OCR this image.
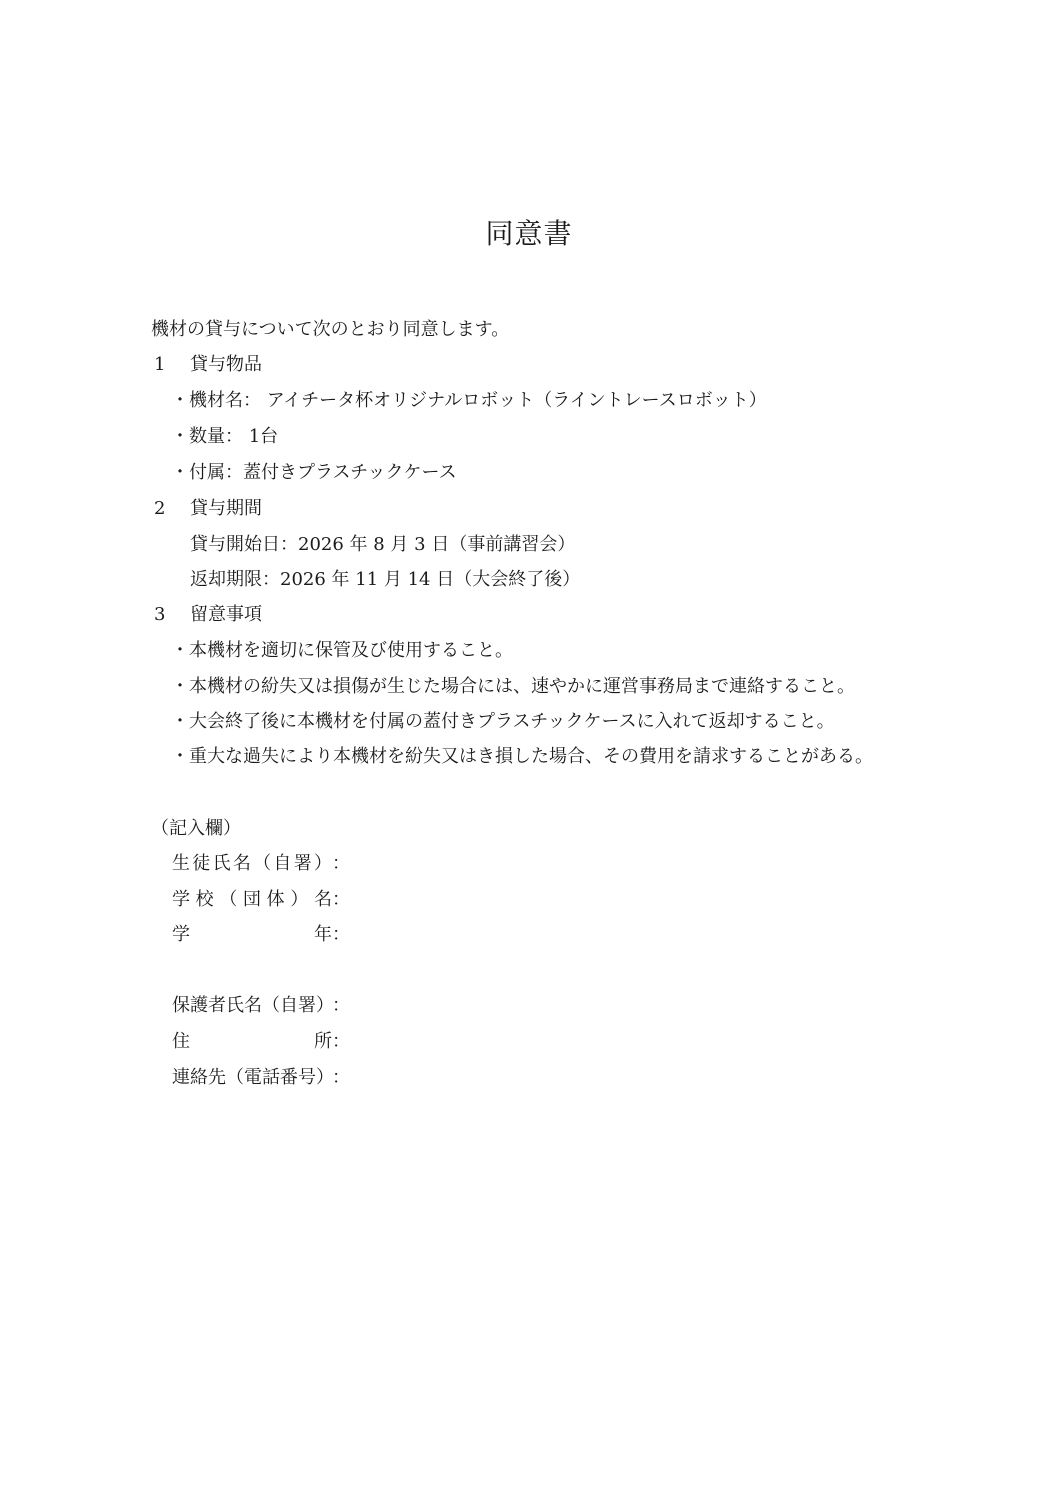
同意書
機材の貸与について次のとおり同意します。
1 貸与物品
・機材名： アイチータ杯オリジナルロボット（ライントレースロボット）
・数量： 1台
・付属：蓋付きプラスチックケース
2 貸与期間
貸与開始日：2026 年 8 月 3 日（事前講習会）
返却期限：2026 年 11 月 14 日（大会終了後）
3 留意事項
・本機材を適切に保管及び使用すること。
・本機材の紛失又は損傷が生じた場合には、速やかに運営事務局まで連絡すること。
・大会終了後に本機材を付属の蓋付きプラスチックケースに入れて返却すること。
・重大な過失により本機材を紛失又はき損した場合、その費用を請求することがある。
（記入欄）
生徒氏名（自署）：
学校（団体）名：
学年：
保護者氏名（自署）：
住所：
連絡先（電話番号）：
